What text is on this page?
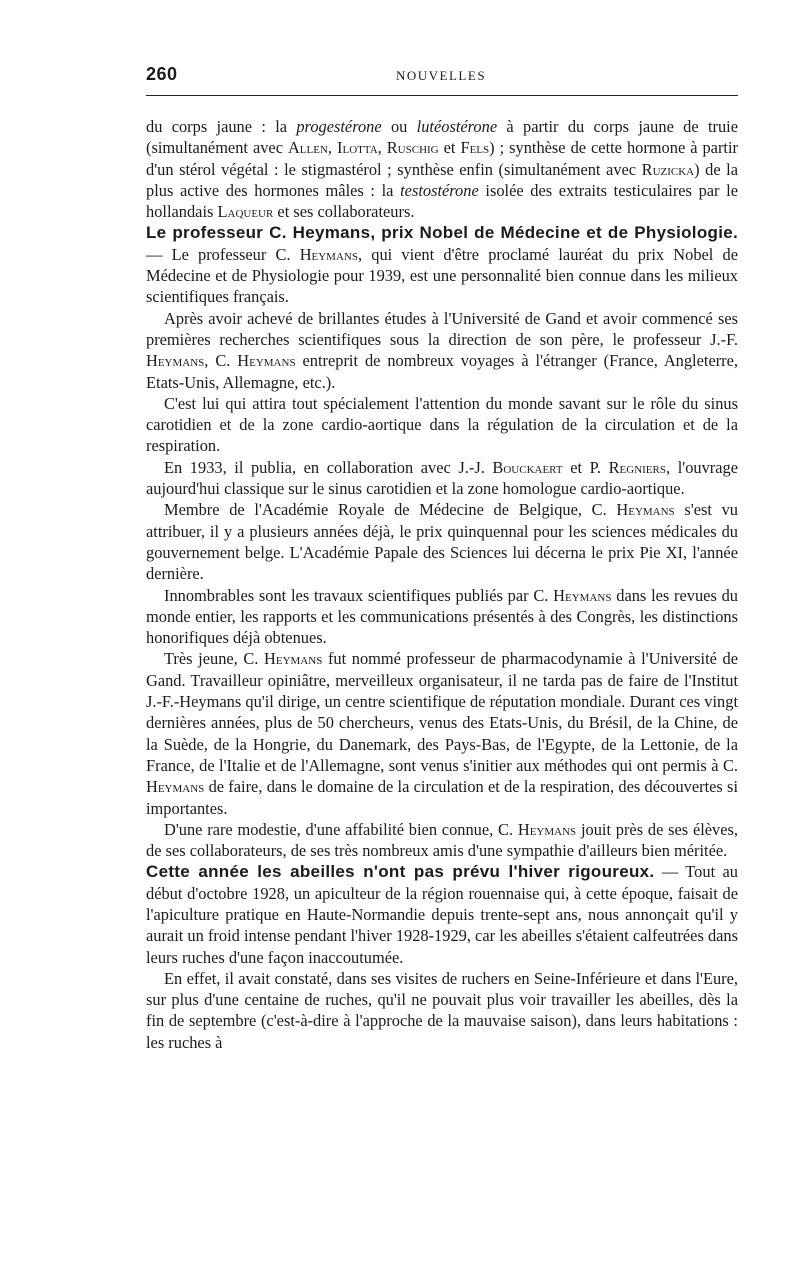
260	NOUVELLES

du corps jaune : la progestérone ou lutéostérone à partir du corps jaune de truie (simultanément avec Allen, Ilotta, Ruschig et Fels) ; synthèse de cette hormone à partir d'un stérol végétal : le stigmastérol ; synthèse enfin (simultanément avec Ruzicka) de la plus active des hormones mâles : la testostérone isolée des extraits testiculaires par le hollandais Laqueur et ses collaborateurs.

Le professeur C. Heymans, prix Nobel de Médecine et de Physiologie. — Le professeur C. Heymans, qui vient d'être proclamé lauréat du prix Nobel de Médecine et de Physiologie pour 1939, est une personnalité bien connue dans les milieux scientifiques français.

Après avoir achevé de brillantes études à l'Université de Gand et avoir commencé ses premières recherches scientifiques sous la direction de son père, le professeur J.-F. Heymans, C. Heymans entreprit de nombreux voyages à l'étranger (France, Angleterre, Etats-Unis, Allemagne, etc.).

C'est lui qui attira tout spécialement l'attention du monde savant sur le rôle du sinus carotidien et de la zone cardio-aortique dans la régulation de la circulation et de la respiration.

En 1933, il publia, en collaboration avec J.-J. Bouckaert et P. Regniers, l'ouvrage aujourd'hui classique sur le sinus carotidien et la zone homologue cardio-aortique.

Membre de l'Académie Royale de Médecine de Belgique, C. Heymans s'est vu attribuer, il y a plusieurs années déjà, le prix quinquennal pour les sciences médicales du gouvernement belge. L'Académie Papale des Sciences lui décerna le prix Pie XI, l'année dernière.

Innombrables sont les travaux scientifiques publiés par C. Heymans dans les revues du monde entier, les rapports et les communications présentés à des Congrès, les distinctions honorifiques déjà obtenues.

Très jeune, C. Heymans fut nommé professeur de pharmacodynamie à l'Université de Gand. Travailleur opiniâtre, merveilleux organisateur, il ne tarda pas de faire de l'Institut J.-F.-Heymans qu'il dirige, un centre scientifique de réputation mondiale. Durant ces vingt dernières années, plus de 50 chercheurs, venus des Etats-Unis, du Brésil, de la Chine, de la Suède, de la Hongrie, du Danemark, des Pays-Bas, de l'Egypte, de la Lettonie, de la France, de l'Italie et de l'Allemagne, sont venus s'initier aux méthodes qui ont permis à C. Heymans de faire, dans le domaine de la circulation et de la respiration, des découvertes si importantes.

D'une rare modestie, d'une affabilité bien connue, C. Heymans jouit près de ses élèves, de ses collaborateurs, de ses très nombreux amis d'une sympathie d'ailleurs bien méritée.

Cette année les abeilles n'ont pas prévu l'hiver rigoureux. — Tout au début d'octobre 1928, un apiculteur de la région rouennaise qui, à cette époque, faisait de l'apiculture pratique en Haute-Normandie depuis trente-sept ans, nous annonçait qu'il y aurait un froid intense pendant l'hiver 1928-1929, car les abeilles s'étaient calfeutrées dans leurs ruches d'une façon inaccoutumée.

En effet, il avait constaté, dans ses visites de ruchers en Seine-Inférieure et dans l'Eure, sur plus d'une centaine de ruches, qu'il ne pouvait plus voir travailler les abeilles, dès la fin de septembre (c'est-à-dire à l'approche de la mauvaise saison), dans leurs habitations : les ruches à
